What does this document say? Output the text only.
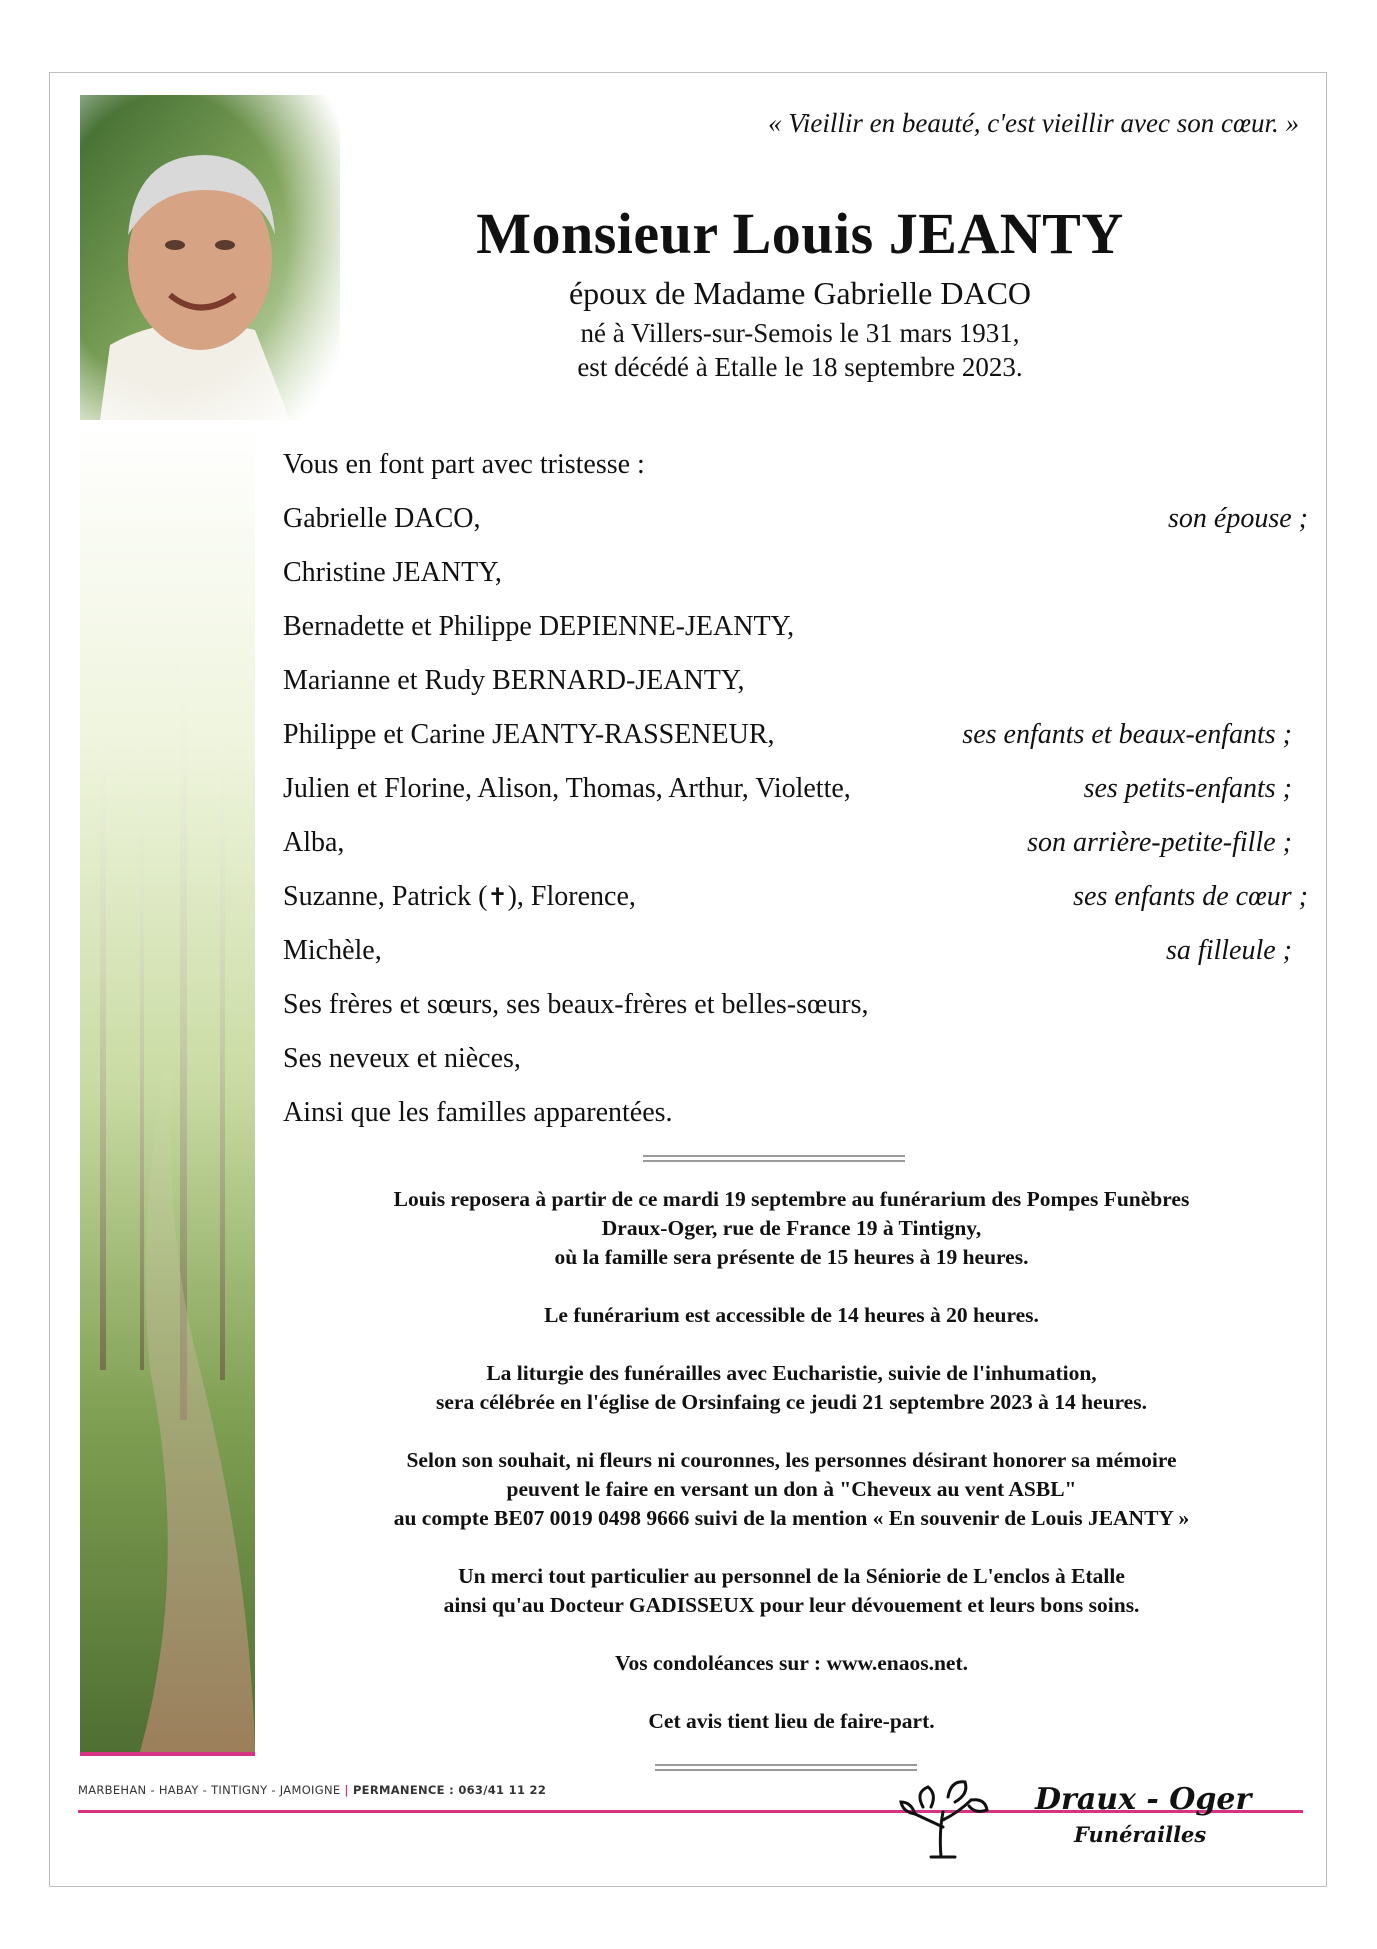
« Vieillir en beauté, c'est vieillir avec son cœur. »
Monsieur Louis JEANTY
époux de Madame Gabrielle DACO
né à Villers-sur-Semois le 31 mars 1931,
est décédé à Etalle le 18 septembre 2023.
Vous en font part avec tristesse :
Gabrielle DACO,	son épouse ;
Christine JEANTY,
Bernadette et Philippe DEPIENNE-JEANTY,
Marianne et Rudy BERNARD-JEANTY,
Philippe et Carine JEANTY-RASSENEUR,	ses enfants et beaux-enfants ;
Julien et Florine, Alison, Thomas, Arthur, Violette,	ses petits-enfants ;
Alba,	son arrière-petite-fille ;
Suzanne, Patrick (✝), Florence,	ses enfants de cœur ;
Michèle,	sa filleule ;
Ses frères et sœurs, ses beaux-frères et belles-sœurs,
Ses neveux et nièces,
Ainsi que les familles apparentées.

Louis reposera à partir de ce mardi 19 septembre au funérarium des Pompes Funèbres
Draux-Oger, rue de France 19 à Tintigny,
où la famille sera présente de 15 heures à 19 heures.

Le funérarium est accessible de 14 heures à 20 heures.

La liturgie des funérailles avec Eucharistie, suivie de l'inhumation,
sera célébrée en l'église de Orsinfaing ce jeudi 21 septembre 2023 à 14 heures.

Selon son souhait, ni fleurs ni couronnes, les personnes désirant honorer sa mémoire
peuvent le faire en versant un don à "Cheveux au vent ASBL"
au compte BE07 0019 0498 9666 suivi de la mention « En souvenir de Louis JEANTY »

Un merci tout particulier au personnel de la Séniorie de L'enclos à Etalle
ainsi qu'au Docteur GADISSEUX pour leur dévouement et leurs bons soins.

Vos condoléances sur : www.enaos.net.

Cet avis tient lieu de faire-part.

MARBEHAN - HABAY - TINTIGNY - JAMOIGNE | PERMANENCE : 063/41 11 22	Draux - Oger
Funérailles
